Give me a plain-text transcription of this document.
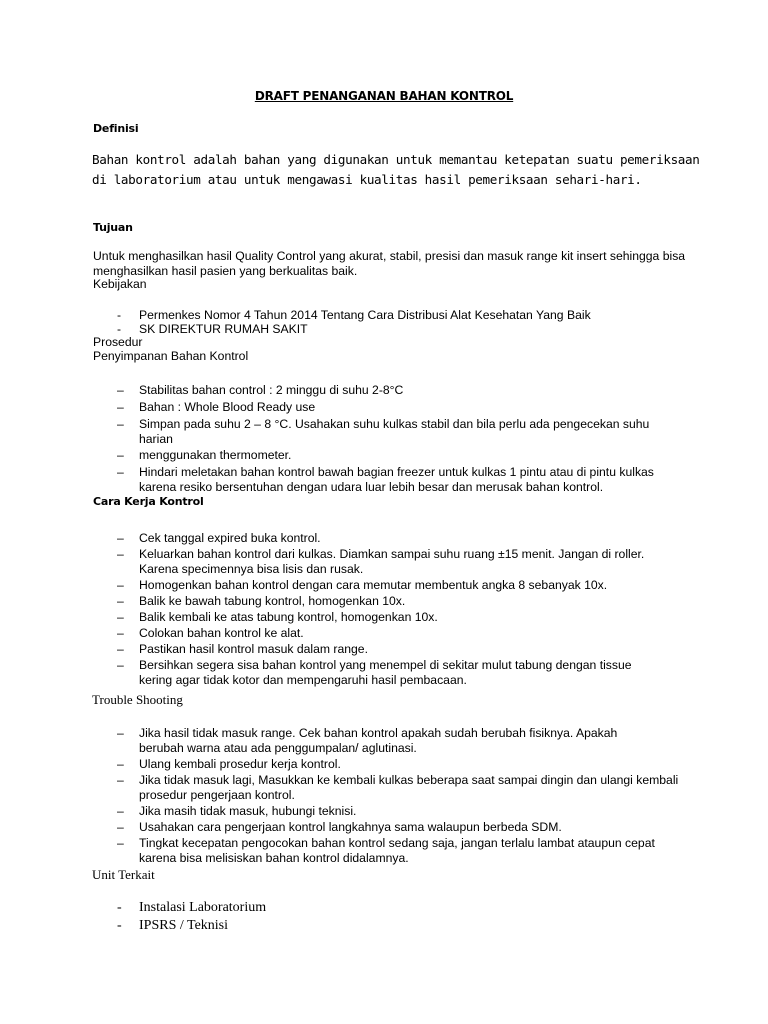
DRAFT PENANGANAN BAHAN KONTROL
Definisi
Bahan kontrol adalah bahan yang digunakan untuk memantau ketepatan suatu pemeriksaan di laboratorium atau untuk mengawasi kualitas hasil pemeriksaan sehari-hari.
Tujuan
Untuk menghasilkan hasil Quality Control yang akurat, stabil, presisi dan masuk range kit insert sehingga bisa menghasilkan hasil pasien yang berkualitas baik.
Kebijakan
- Permenkes Nomor 4 Tahun 2014 Tentang Cara Distribusi Alat Kesehatan Yang Baik
- SK DIREKTUR RUMAH SAKIT
Prosedur
Penyimpanan Bahan Kontrol
– Stabilitas bahan control : 2 minggu di suhu 2-8°C
– Bahan : Whole Blood Ready use
– Simpan pada suhu 2 – 8 °C. Usahakan suhu kulkas stabil dan bila perlu ada pengecekan suhu harian
– menggunakan thermometer.
– Hindari meletakan bahan kontrol bawah bagian freezer untuk kulkas 1 pintu atau di pintu kulkas karena resiko bersentuhan dengan udara luar lebih besar dan merusak bahan kontrol.
Cara Kerja Kontrol
– Cek tanggal expired buka kontrol.
– Keluarkan bahan kontrol dari kulkas. Diamkan sampai suhu ruang ±15 menit. Jangan di roller. Karena specimennya bisa lisis dan rusak.
– Homogenkan bahan kontrol dengan cara memutar membentuk angka 8 sebanyak 10x.
– Balik ke bawah tabung kontrol, homogenkan 10x.
– Balik kembali ke atas tabung kontrol, homogenkan 10x.
– Colokan bahan kontrol ke alat.
– Pastikan hasil kontrol masuk dalam range.
– Bersihkan segera sisa bahan kontrol yang menempel di sekitar mulut tabung dengan tissue kering agar tidak kotor dan mempengaruhi hasil pembacaan.
Trouble Shooting
– Jika hasil tidak masuk range. Cek bahan kontrol apakah sudah berubah fisiknya. Apakah berubah warna atau ada penggumpalan/ aglutinasi.
– Ulang kembali prosedur kerja kontrol.
– Jika tidak masuk lagi, Masukkan ke kembali kulkas beberapa saat sampai dingin dan ulangi kembali prosedur pengerjaan kontrol.
– Jika masih tidak masuk, hubungi teknisi.
– Usahakan cara pengerjaan kontrol langkahnya sama walaupun berbeda SDM.
– Tingkat kecepatan pengocokan bahan kontrol sedang saja, jangan terlalu lambat ataupun cepat karena bisa melisiskan bahan kontrol didalamnya.
Unit Terkait
- Instalasi Laboratorium
- IPSRS / Teknisi
